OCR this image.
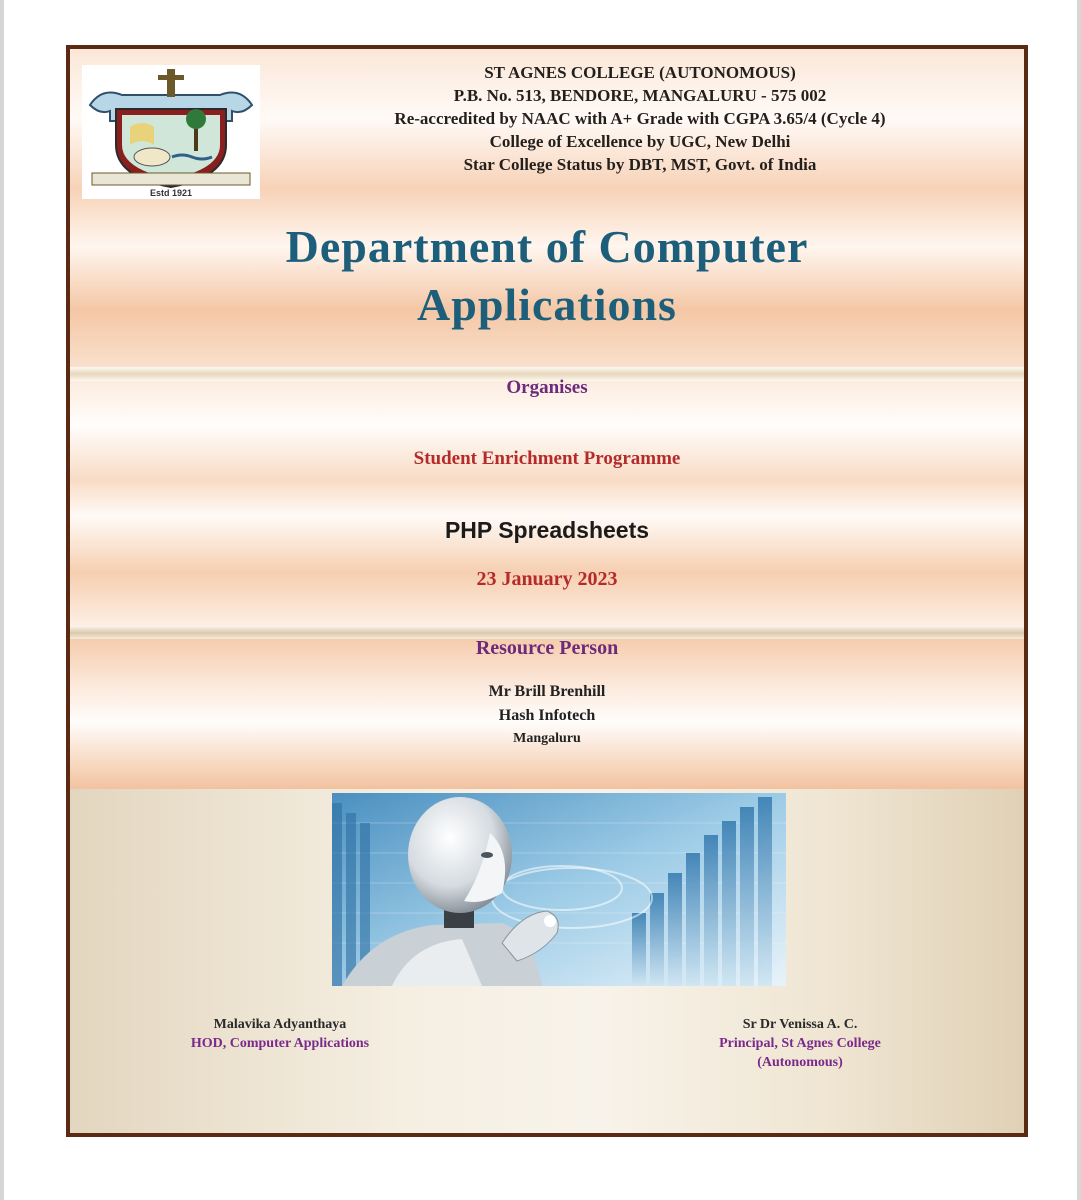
Estd 1921
ST AGNES COLLEGE (AUTONOMOUS)
P.B. No. 513, BENDORE, MANGALURU - 575 002
Re-accredited by NAAC with A+ Grade with CGPA 3.65/4 (Cycle 4)
College of Excellence by UGC, New Delhi
Star College Status by DBT, MST, Govt. of India
Department of Computer
Applications
Organises
Student Enrichment Programme
PHP Spreadsheets
23 January 2023
Resource Person
Mr Brill Brenhill
Hash Infotech
Mangaluru
Malavika Adyanthaya
HOD, Computer Applications
Sr Dr Venissa A. C.
Principal, St Agnes College
(Autonomous)
